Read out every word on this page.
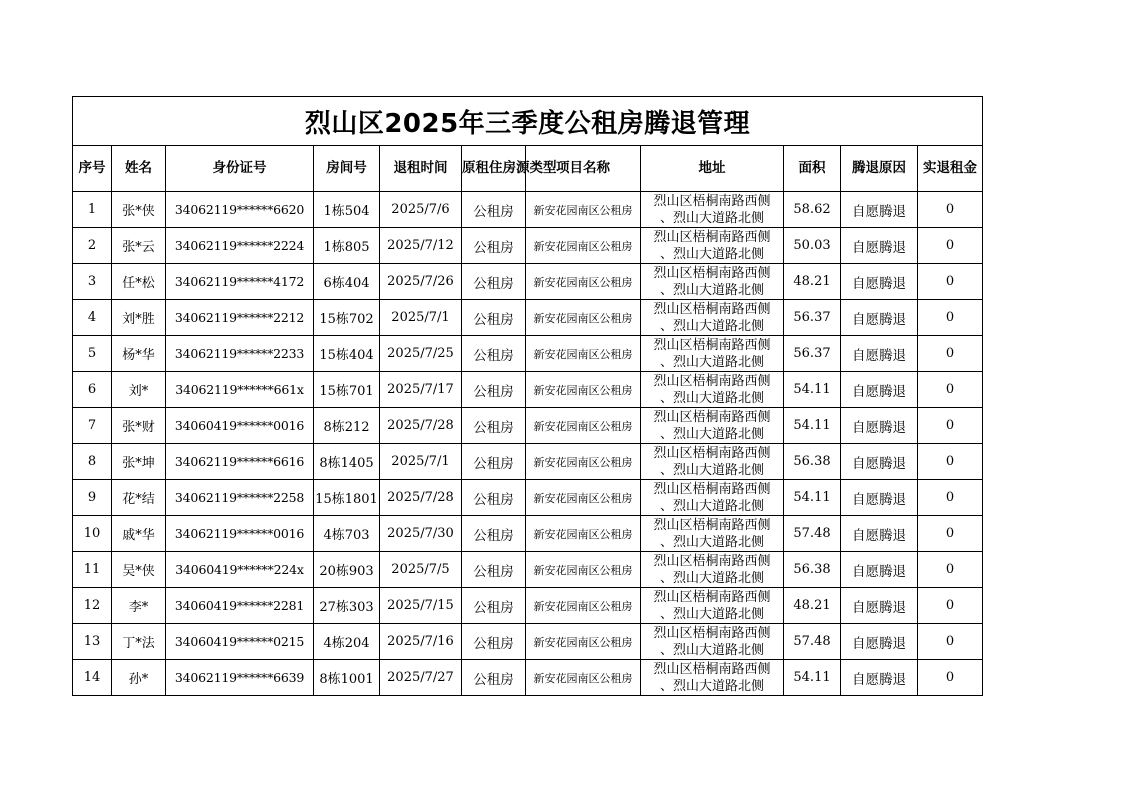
烈山区2025年三季度公租房腾退管理										
序号	姓名	身份证号	房间号	退租时间	原租住房源类型	项目名称	地址	面积	腾退原因	实退租金
1	张*侠	34062119******6620	1栋504	2025/7/6	公租房	新安花园南区公租房	烈山区梧桐南路西侧
、烈山大道路北侧	58.62	自愿腾退	0
2	张*云	34062119******2224	1栋805	2025/7/12	公租房	新安花园南区公租房	烈山区梧桐南路西侧
、烈山大道路北侧	50.03	自愿腾退	0
3	任*松	34062119******4172	6栋404	2025/7/26	公租房	新安花园南区公租房	烈山区梧桐南路西侧
、烈山大道路北侧	48.21	自愿腾退	0
4	刘*胜	34062119******2212	15栋702	2025/7/1	公租房	新安花园南区公租房	烈山区梧桐南路西侧
、烈山大道路北侧	56.37	自愿腾退	0
5	杨*华	34062119******2233	15栋404	2025/7/25	公租房	新安花园南区公租房	烈山区梧桐南路西侧
、烈山大道路北侧	56.37	自愿腾退	0
6	刘*	34062119******661x	15栋701	2025/7/17	公租房	新安花园南区公租房	烈山区梧桐南路西侧
、烈山大道路北侧	54.11	自愿腾退	0
7	张*财	34060419******0016	8栋212	2025/7/28	公租房	新安花园南区公租房	烈山区梧桐南路西侧
、烈山大道路北侧	54.11	自愿腾退	0
8	张*坤	34062119******6616	8栋1405	2025/7/1	公租房	新安花园南区公租房	烈山区梧桐南路西侧
、烈山大道路北侧	56.38	自愿腾退	0
9	花*结	34062119******2258	15栋1801	2025/7/28	公租房	新安花园南区公租房	烈山区梧桐南路西侧
、烈山大道路北侧	54.11	自愿腾退	0
10	戚*华	34062119******0016	4栋703	2025/7/30	公租房	新安花园南区公租房	烈山区梧桐南路西侧
、烈山大道路北侧	57.48	自愿腾退	0
11	吴*侠	34060419******224x	20栋903	2025/7/5	公租房	新安花园南区公租房	烈山区梧桐南路西侧
、烈山大道路北侧	56.38	自愿腾退	0
12	李*	34060419******2281	27栋303	2025/7/15	公租房	新安花园南区公租房	烈山区梧桐南路西侧
、烈山大道路北侧	48.21	自愿腾退	0
13	丁*法	34060419******0215	4栋204	2025/7/16	公租房	新安花园南区公租房	烈山区梧桐南路西侧
、烈山大道路北侧	57.48	自愿腾退	0
14	孙*	34062119******6639	8栋1001	2025/7/27	公租房	新安花园南区公租房	烈山区梧桐南路西侧
、烈山大道路北侧	54.11	自愿腾退	0
